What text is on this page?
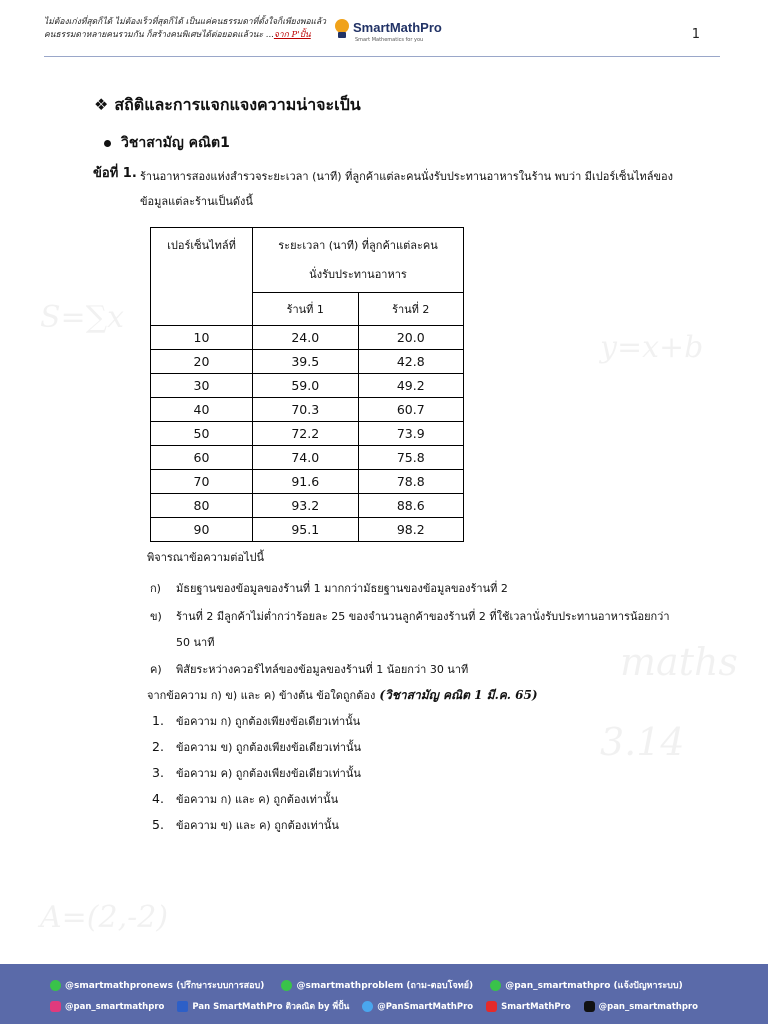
S=∑x
y=x+b
maths
3.14
A=(2,-2)
ไม่ต้องเก่งที่สุดก็ได้ ไม่ต้องเร็วที่สุดก็ได้ เป็นแค่คนธรรมดาที่ตั้งใจก็เพียงพอแล้ว
คนธรรมดาหลายคนรวมกัน ก็สร้างคนพิเศษได้ต่อยอดแล้วนะ ...จาก P'ปั้น	SmartMathPro
Smart Mathematics for you	1
❖ สถิติและการแจกแจงความน่าจะเป็น
วิชาสามัญ คณิต1
ข้อที่ 1. ร้านอาหารสองแห่งสำรวจระยะเวลา (นาที) ที่ลูกค้าแต่ละคนนั่งรับประทานอาหารในร้าน พบว่า มีเปอร์เซ็นไทล์ของข้อมูลแต่ละร้านเป็นดังนี้
เปอร์เซ็นไทล์ที่	ระยะเวลา (นาที) ที่ลูกค้าแต่ละคน
นั่งรับประทานอาหาร	

	ร้านที่ 1	ร้านที่ 2
10	24.0	20.0
20	39.5	42.8
30	59.0	49.2
40	70.3	60.7
50	72.2	73.9
60	74.0	75.8
70	91.6	78.8
80	93.2	88.6
90	95.1	98.2
พิจารณาข้อความต่อไปนี้
ก) มัธยฐานของข้อมูลของร้านที่ 1 มากกว่ามัธยฐานของข้อมูลของร้านที่ 2
ข) ร้านที่ 2 มีลูกค้าไม่ต่ำกว่าร้อยละ 25 ของจำนวนลูกค้าของร้านที่ 2 ที่ใช้เวลานั่งรับประทานอาหารน้อยกว่า
50 นาที
ค) พิสัยระหว่างควอร์ไทล์ของข้อมูลของร้านที่ 1 น้อยกว่า 30 นาที
จากข้อความ ก) ข) และ ค) ข้างต้น ข้อใดถูกต้อง (วิชาสามัญ คณิต 1 มี.ค. 65)
1. ข้อความ ก) ถูกต้องเพียงข้อเดียวเท่านั้น
2. ข้อความ ข) ถูกต้องเพียงข้อเดียวเท่านั้น
3. ข้อความ ค) ถูกต้องเพียงข้อเดียวเท่านั้น
4. ข้อความ ก) และ ค) ถูกต้องเท่านั้น
5. ข้อความ ข) และ ค) ถูกต้องเท่านั้น
@smartmathpronews (ปรึกษาระบบการสอบ)	@smartmathproblem (ถาม-ตอบโจทย์)	@pan_smartmathpro (แจ้งปัญหาระบบ)
@pan_smartmathpro	Pan SmartMathPro ติวคณิต by พี่ปั้น	@PanSmartMathPro	SmartMathPro	@pan_smartmathpro
